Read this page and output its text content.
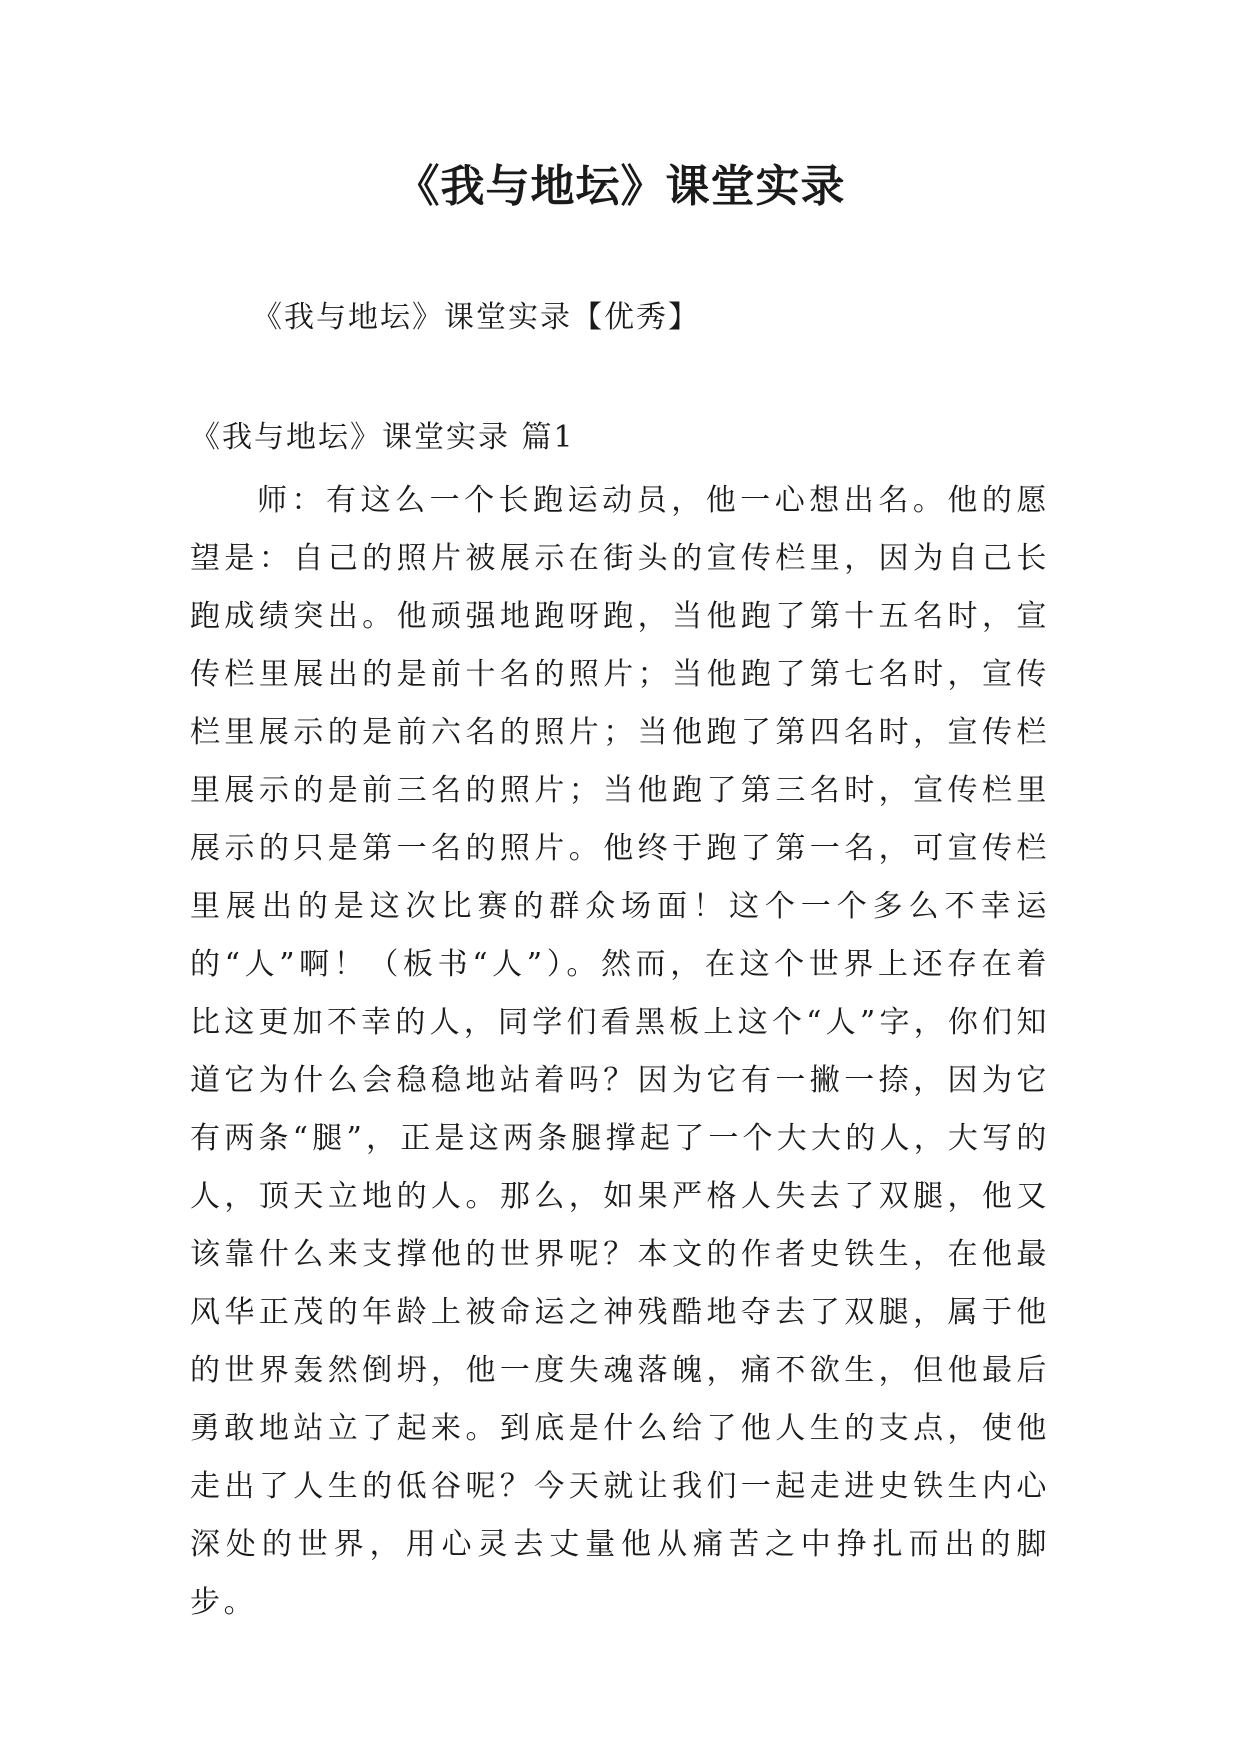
《我与地坛》课堂实录

《我与地坛》课堂实录【优秀】

《我与地坛》课堂实录 篇1

师：有这么一个长跑运动员，他一心想出名。他的愿望是：自己的照片被展示在街头的宣传栏里，因为自己长跑成绩突出。他顽强地跑呀跑，当他跑了第十五名时，宣传栏里展出的是前十名的照片；当他跑了第七名时，宣传栏里展示的是前六名的照片；当他跑了第四名时，宣传栏里展示的是前三名的照片；当他跑了第三名时，宣传栏里展示的只是第一名的照片。他终于跑了第一名，可宣传栏里展出的是这次比赛的群众场面！这个一个多么不幸运的“人”啊！（板书“人”）。然而，在这个世界上还存在着比这更加不幸的人，同学们看黑板上这个“人”字，你们知道它为什么会稳稳地站着吗？因为它有一撇一捺，因为它有两条“腿”，正是这两条腿撑起了一个大大的人，大写的人，顶天立地的人。那么，如果严格人失去了双腿，他又该靠什么来支撑他的世界呢？本文的作者史铁生，在他最风华正茂的年龄上被命运之神残酷地夺去了双腿，属于他的世界轰然倒坍，他一度失魂落魄，痛不欲生，但他最后勇敢地站立了起来。到底是什么给了他人生的支点，使他走出了人生的低谷呢？今天就让我们一起走进史铁生内心深处的世界，用心灵去丈量他从痛苦之中挣扎而出的脚步。
